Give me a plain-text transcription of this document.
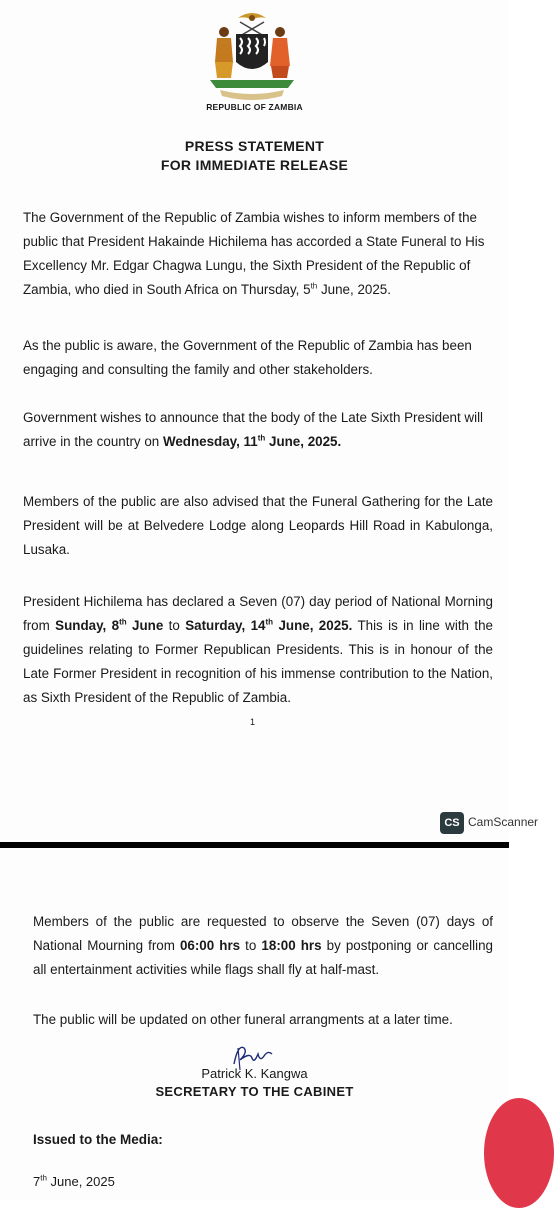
REPUBLIC OF ZAMBIA
PRESS STATEMENT
FOR IMMEDIATE RELEASE

The Government of the Republic of Zambia wishes to inform members of the public that President Hakainde Hichilema has accorded a State Funeral to His Excellency Mr. Edgar Chagwa Lungu, the Sixth President of the Republic of Zambia, who died in South Africa on Thursday, 5th June, 2025.

As the public is aware, the Government of the Republic of Zambia has been engaging and consulting the family and other stakeholders.

Government wishes to announce that the body of the Late Sixth President will arrive in the country on Wednesday, 11th June, 2025.

Members of the public are also advised that the Funeral Gathering for the Late President will be at Belvedere Lodge along Leopards Hill Road in Kabulonga, Lusaka.

President Hichilema has declared a Seven (07) day period of National Morning from Sunday, 8th June to Saturday, 14th June, 2025. This is in line with the guidelines relating to Former Republican Presidents. This is in honour of the Late Former President in recognition of his immense contribution to the Nation, as Sixth President of the Republic of Zambia.

1
CS CamScanner

Members of the public are requested to observe the Seven (07) days of National Mourning from 06:00 hrs to 18:00 hrs by postponing or cancelling all entertainment activities while flags shall fly at half-mast.

The public will be updated on other funeral arrangments at a later time.

Patrick K. Kangwa
SECRETARY TO THE CABINET
Issued to the Media:
7th June, 2025
